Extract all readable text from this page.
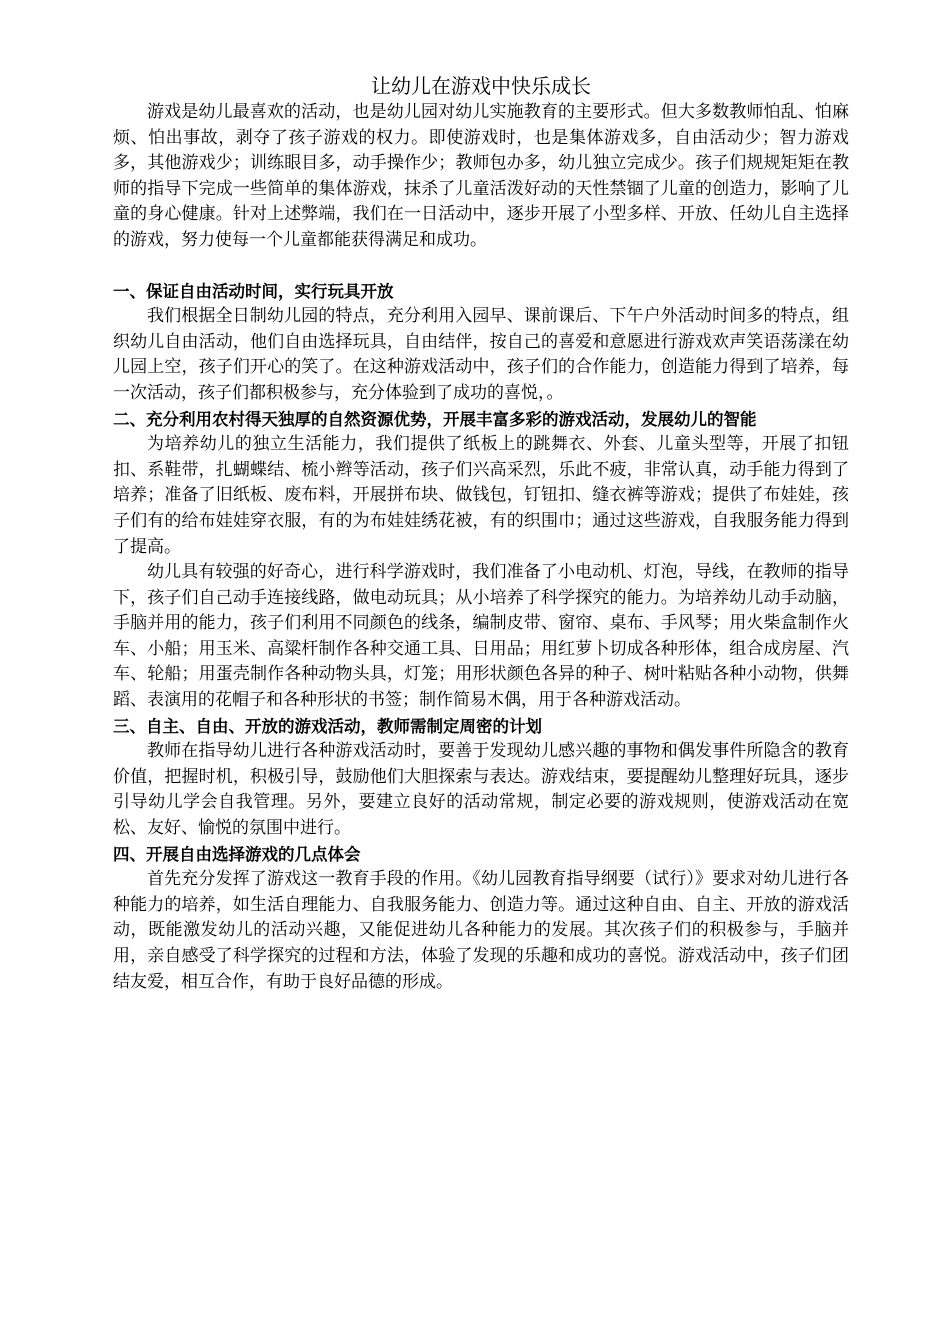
让幼儿在游戏中快乐成长

游戏是幼儿最喜欢的活动，也是幼儿园对幼儿实施教育的主要形式。但大多数教师怕乱、怕麻烦、怕出事故，剥夺了孩子游戏的权力。即使游戏时，也是集体游戏多，自由活动少；智力游戏多，其他游戏少；训练眼目多，动手操作少；教师包办多，幼儿独立完成少。孩子们规规矩矩在教师的指导下完成一些简单的集体游戏，抹杀了儿童活泼好动的天性禁锢了儿童的创造力，影响了儿童的身心健康。针对上述弊端，我们在一日活动中，逐步开展了小型多样、开放、任幼儿自主选择的游戏，努力使每一个儿童都能获得满足和成功。

一、保证自由活动时间，实行玩具开放

我们根据全日制幼儿园的特点，充分利用入园早、课前课后、下午户外活动时间多的特点，组织幼儿自由活动，他们自由选择玩具，自由结伴，按自己的喜爱和意愿进行游戏欢声笑语荡漾在幼儿园上空，孩子们开心的笑了。在这种游戏活动中，孩子们的合作能力，创造能力得到了培养，每一次活动，孩子们都积极参与，充分体验到了成功的喜悦，。

二、充分利用农村得天独厚的自然资源优势，开展丰富多彩的游戏活动，发展幼儿的智能

为培养幼儿的独立生活能力，我们提供了纸板上的跳舞衣、外套、儿童头型等，开展了扣钮扣、系鞋带，扎蝴蝶结、梳小辫等活动，孩子们兴高采烈，乐此不疲，非常认真，动手能力得到了培养；准备了旧纸板、废布料，开展拼布块、做钱包，钉钮扣、缝衣裤等游戏；提供了布娃娃，孩子们有的给布娃娃穿衣服，有的为布娃娃绣花被，有的织围巾；通过这些游戏，自我服务能力得到了提高。

幼儿具有较强的好奇心，进行科学游戏时，我们准备了小电动机、灯泡，导线，在教师的指导下，孩子们自己动手连接线路，做电动玩具；从小培养了科学探究的能力。为培养幼儿动手动脑，手脑并用的能力，孩子们利用不同颜色的线条，编制皮带、窗帘、桌布、手风琴；用火柴盒制作火车、小船；用玉米、高粱杆制作各种交通工具、日用品；用红萝卜切成各种形体，组合成房屋、汽车、轮船；用蛋壳制作各种动物头具，灯笼；用形状颜色各异的种子、树叶粘贴各种小动物，供舞蹈、表演用的花帽子和各种形状的书签；制作简易木偶，用于各种游戏活动。

三、自主、自由、开放的游戏活动，教师需制定周密的计划

教师在指导幼儿进行各种游戏活动时，要善于发现幼儿感兴趣的事物和偶发事件所隐含的教育价值，把握时机，积极引导，鼓励他们大胆探索与表达。游戏结束，要提醒幼儿整理好玩具，逐步引导幼儿学会自我管理。另外，要建立良好的活动常规，制定必要的游戏规则，使游戏活动在宽松、友好、愉悦的氛围中进行。

四、开展自由选择游戏的几点体会

首先充分发挥了游戏这一教育手段的作用。《幼儿园教育指导纲要（试行）》要求对幼儿进行各种能力的培养，如生活自理能力、自我服务能力、创造力等。通过这种自由、自主、开放的游戏活动，既能激发幼儿的活动兴趣，又能促进幼儿各种能力的发展。其次孩子们的积极参与，手脑并用，亲自感受了科学探究的过程和方法，体验了发现的乐趣和成功的喜悦。游戏活动中，孩子们团结友爱，相互合作，有助于良好品德的形成。
